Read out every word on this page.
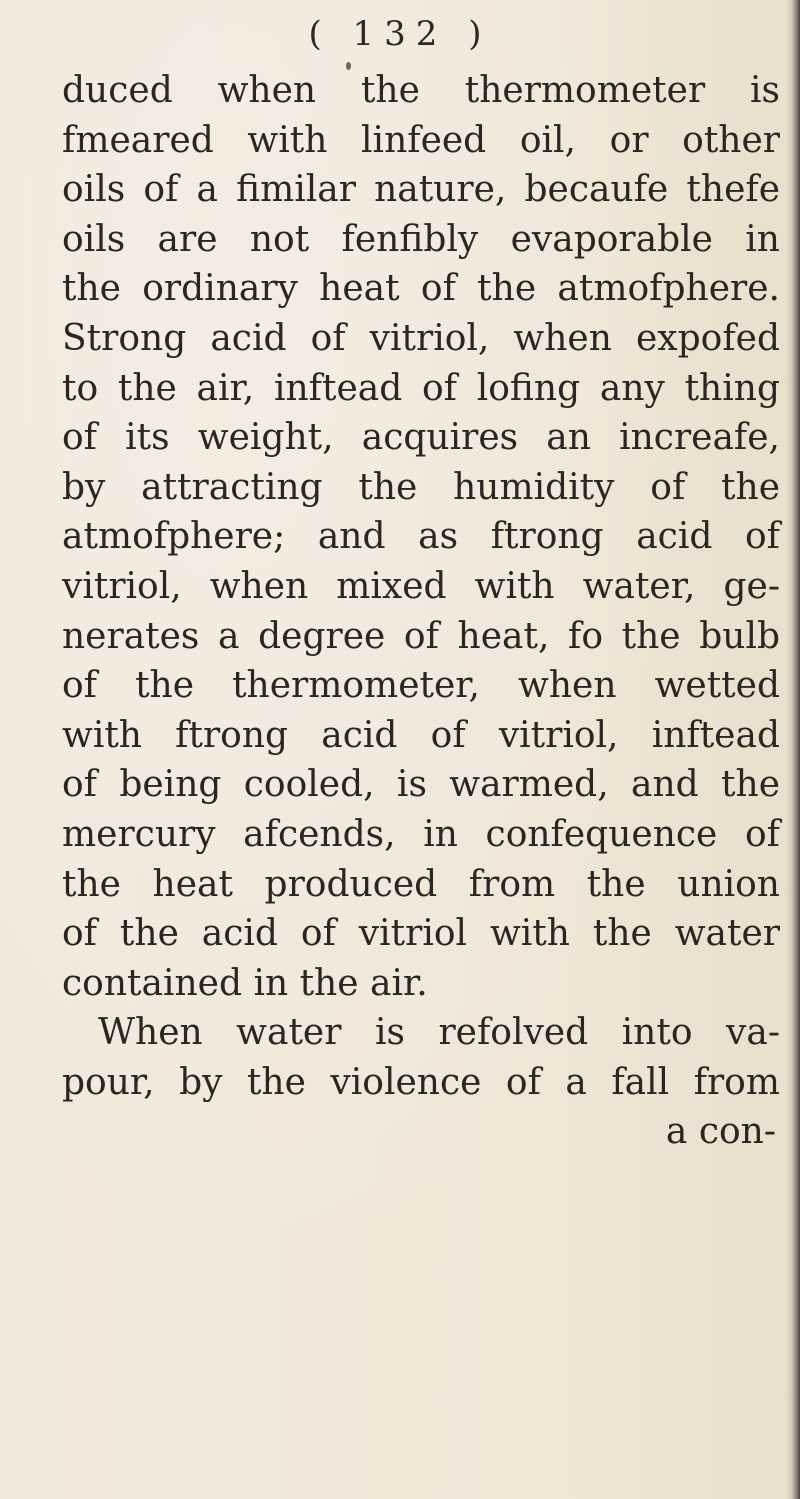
( 132 )
duced when the thermometer is
fmeared with linfeed oil, or other
oils of a fimilar nature, becaufe thefe
oils are not fenfibly evaporable in
the ordinary heat of the atmofphere.
Strong acid of vitriol, when expofed
to the air, inftead of lofing any thing
of its weight, acquires an increafe,
by attracting the humidity of the
atmofphere; and as ftrong acid of
vitriol, when mixed with water, ge-
nerates a degree of heat, fo the bulb
of the thermometer, when wetted
with ftrong acid of vitriol, inftead
of being cooled, is warmed, and the
mercury afcends, in confequence of
the heat produced from the union
of the acid of vitriol with the water
contained in the air.
When water is refolved into va-
pour, by the violence of a fall from
a con-
